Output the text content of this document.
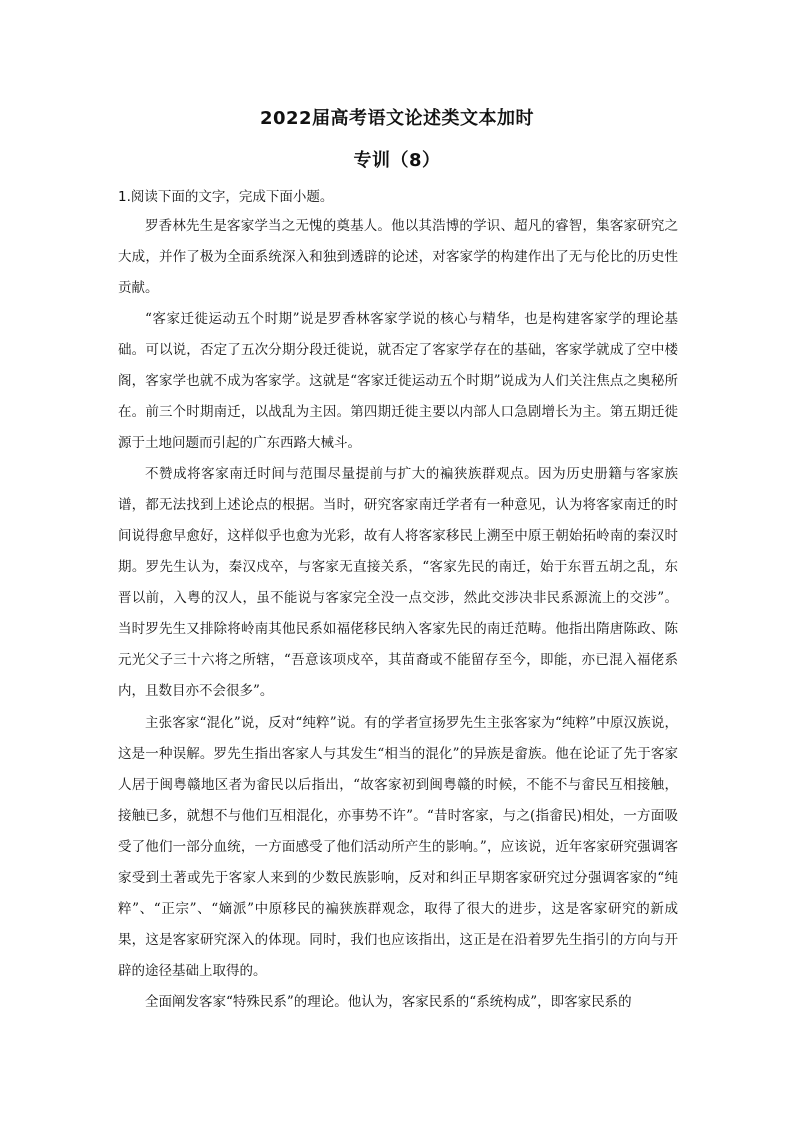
2022届高考语文论述类文本加时
专训（8）
1.阅读下面的文字，完成下面小题。

罗香林先生是客家学当之无愧的奠基人。他以其浩博的学识、超凡的睿智，集客家研究之大成，并作了极为全面系统深入和独到透辟的论述，对客家学的构建作出了无与伦比的历史性贡献。

“客家迁徙运动五个时期”说是罗香林客家学说的核心与精华，也是构建客家学的理论基础。可以说，否定了五次分期分段迁徙说，就否定了客家学存在的基础，客家学就成了空中楼阁，客家学也就不成为客家学。这就是“客家迁徙运动五个时期”说成为人们关注焦点之奥秘所在。前三个时期南迁，以战乱为主因。第四期迁徙主要以内部人口急剧增长为主。第五期迁徙源于土地问题而引起的广东西路大械斗。

不赞成将客家南迁时间与范围尽量提前与扩大的褊狭族群观点。因为历史册籍与客家族谱，都无法找到上述论点的根据。当时，研究客家南迁学者有一种意见，认为将客家南迁的时间说得愈早愈好，这样似乎也愈为光彩，故有人将客家移民上溯至中原王朝始拓岭南的秦汉时期。罗先生认为，秦汉戍卒，与客家无直接关系，“客家先民的南迁，始于东晋五胡之乱，东晋以前，入粤的汉人，虽不能说与客家完全没一点交涉，然此交涉决非民系源流上的交涉”。当时罗先生又排除将岭南其他民系如福佬移民纳入客家先民的南迁范畴。他指出隋唐陈政、陈元光父子三十六将之所辖，“吾意该项戍卒，其苗裔或不能留存至今，即能，亦已混入福佬系内，且数目亦不会很多”。

主张客家“混化”说，反对“纯粹”说。有的学者宣扬罗先生主张客家为“纯粹”中原汉族说，这是一种误解。罗先生指出客家人与其发生“相当的混化”的异族是畲族。他在论证了先于客家人居于闽粤赣地区者为畲民以后指出，“故客家初到闽粤赣的时候，不能不与畲民互相接触，接触已多，就想不与他们互相混化，亦事势不许”。“昔时客家，与之(指畲民)相处，一方面吸受了他们一部分血统，一方面感受了他们活动所产生的影响。”，应该说，近年客家研究强调客家受到土著或先于客家人来到的少数民族影响，反对和纠正早期客家研究过分强调客家的“纯粹”、“正宗”、“嫡派”中原移民的褊狭族群观念，取得了很大的进步，这是客家研究的新成果，这是客家研究深入的体现。同时，我们也应该指出，这正是在沿着罗先生指引的方向与开辟的途径基础上取得的。

全面阐发客家“特殊民系”的理论。他认为，客家民系的“系统构成”，即客家民系的
